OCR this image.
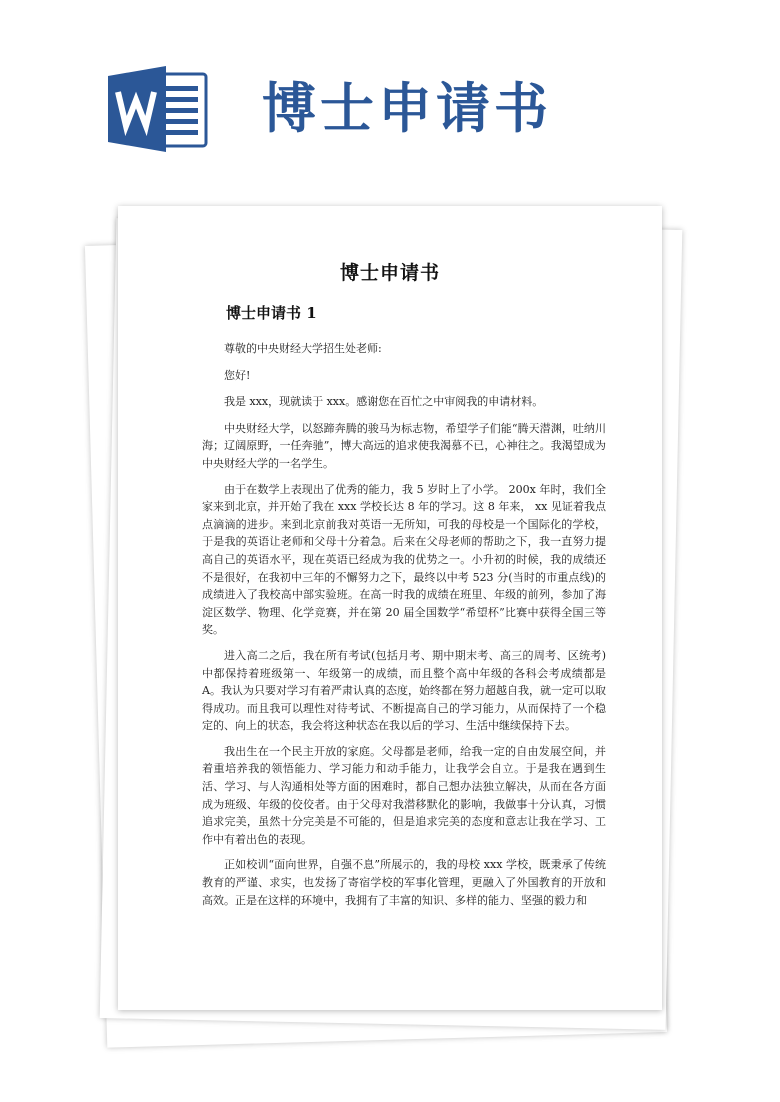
博士申请书
博士申请书
博士申请书 1

尊敬的中央财经大学招生处老师:

您好!

我是 xxx，现就读于 xxx。感谢您在百忙之中审阅我的申请材料。

中央财经大学，以怒蹄奔腾的骏马为标志物，希望学子们能“腾天潜渊，吐纳川海；辽阔原野，一任奔驰”，博大高远的追求使我渴慕不已，心神往之。我渴望成为中央财经大学的一名学生。

由于在数学上表现出了优秀的能力，我 5 岁时上了小学。 200x 年时，我们全家来到北京，并开始了我在 xxx 学校长达 8 年的学习。这 8 年来， xx 见证着我点点滴滴的进步。来到北京前我对英语一无所知，可我的母校是一个国际化的学校，于是我的英语让老师和父母十分着急。后来在父母老师的帮助之下，我一直努力提高自己的英语水平，现在英语已经成为我的优势之一。小升初的时候，我的成绩还不是很好，在我初中三年的不懈努力之下，最终以中考 523 分(当时的市重点线)的成绩进入了我校高中部实验班。在高一时我的成绩在班里、年级的前列，参加了海淀区数学、物理、化学竞赛，并在第 20 届全国数学“希望杯”比赛中获得全国三等奖。

进入高二之后，我在所有考试(包括月考、期中期末考、高三的周考、区统考)中都保持着班级第一、年级第一的成绩，而且整个高中年级的各科会考成绩都是 A。我认为只要对学习有着严肃认真的态度，始终都在努力超越自我，就一定可以取得成功。而且我可以理性对待考试、不断提高自己的学习能力，从而保持了一个稳定的、向上的状态，我会将这种状态在我以后的学习、生活中继续保持下去。

我出生在一个民主开放的家庭。父母都是老师，给我一定的自由发展空间，并着重培养我的领悟能力、学习能力和动手能力，让我学会自立。于是我在遇到生活、学习、与人沟通相处等方面的困难时，都自己想办法独立解决，从而在各方面成为班级、年级的佼佼者。由于父母对我潜移默化的影响，我做事十分认真，习惯追求完美，虽然十分完美是不可能的，但是追求完美的态度和意志让我在学习、工作中有着出色的表现。

正如校训“面向世界，自强不息”所展示的，我的母校 xxx 学校，既秉承了传统教育的严谨、求实，也发扬了寄宿学校的军事化管理，更融入了外国教育的开放和高效。正是在这样的环境中，我拥有了丰富的知识、多样的能力、坚强的毅力和
